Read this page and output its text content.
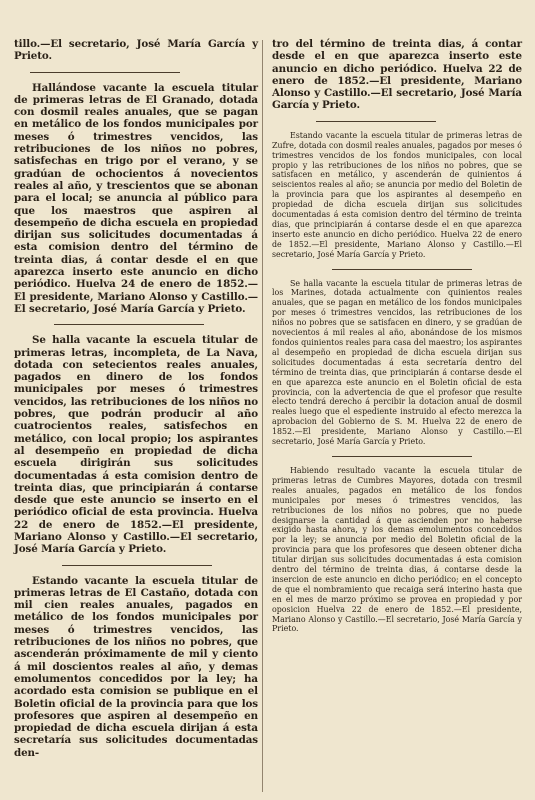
tillo.—El secretario, José María García y Prieto.

Hallándose vacante la escuela titular de primeras letras de El Granado, dotada con dosmil reales anuales, que se pagan en metálico de los fondos municipales por meses ó trimestres vencidos, las retribuciones de los niños no pobres, satisfechas en trigo por el verano, y se gradúan de ochocientos á novecientos reales al año, y trescientos que se abonan para el local; se anuncia al público para que los maestros que aspiren al desempeño de dicha escuela en propiedad dirijan sus solicitudes documentadas á esta comision dentro del término de treinta dias, á contar desde el en que aparezca inserto este anuncio en dicho periódico. Huelva 24 de enero de 1852.—El presidente, Mariano Alonso y Castillo.—El secretario, José María García y Prieto.

Se halla vacante la escuela titular de primeras letras, incompleta, de La Nava, dotada con setecientos reales anuales, pagados en dinero de los fondos municipales por meses ó trimestres vencidos, las retribuciones de los niños no pobres, que podrán producir al año cuatrocientos reales, satisfechos en metálico, con local propio; los aspirantes al desempeño en propiedad de dicha escuela dirigirán sus solicitudes documentadas á esta comision dentro de treinta dias, que principiarán á contarse desde que este anuncio se inserto en el periódico oficial de esta provincia. Huelva 22 de enero de 1852.—El presidente, Mariano Alonso y Castillo.—El secretario, José María García y Prieto.

Estando vacante la escuela titular de primeras letras de El Castaño, dotada con mil cien reales anuales, pagados en metálico de los fondos municipales por meses ó trimestres vencidos, las retribuciones de los niños no pobres, que ascenderán próximamente de mil y ciento á mil doscientos reales al año, y demas emolumentos concedidos por la ley; ha acordado esta comision se publique en el Boletin oficial de la provincia para que los profesores que aspiren al desempeño en propiedad de dicha escuela dirijan á esta secretaría sus solicitudes documentadas den-

tro del término de treinta dias, á contar desde el en que aparezca inserto este anuncio en dicho periódico. Huelva 22 de enero de 1852.—El presidente, Mariano Alonso y Castillo.—El secretario, José María García y Prieto.

Estando vacante la escuela titular de primeras letras de Zufre, dotada con dosmil reales anuales, pagados por meses ó trimestres vencidos de los fondos municipales, con local propio y las retribuciones de los niños no pobres, que se satisfacen en metálico, y ascenderán de quinientos á seiscientos reales al año; se anuncia por medio del Boletin de la provincia para que los aspirantes al desempeño en propiedad de dicha escuela dirijan sus solicitudes documentadas á esta comision dentro del término de treinta dias, que principiarán á contarse desde el en que aparezca inserto este anuncio en dicho periódico. Huelva 22 de enero de 1852.—El presidente, Mariano Alonso y Castillo.—El secretario, José María García y Prieto.

Se halla vacante la escuela titular de primeras letras de los Marines, dotada actualmente con quinientos reales anuales, que se pagan en metálico de los fondos municipales por meses ó trimestres vencidos, las retribuciones de los niños no pobres que se satisfacen en dinero, y se gradúan de novecientos á mil reales al año, abonándose de los mismos fondos quinientos reales para casa del maestro; los aspirantes al desempeño en propiedad de dicha escuela dirijan sus solicitudes documentadas á esta secretaría dentro del término de treinta dias, que principiarán á contarse desde el en que aparezca este anuncio en el Boletin oficial de esta provincia, con la advertencia de que el profesor que resulte electo tendrá derecho á percibir la dotacion anual de dosmil reales luego que el espediente instruido al efecto merezca la aprobacion del Gobierno de S. M. Huelva 22 de enero de 1852.—El presidente, Mariano Alonso y Castillo.—El secretario, José María García y Prieto.

Habiendo resultado vacante la escuela titular de primeras letras de Cumbres Mayores, dotada con tresmil reales anuales, pagados en metálico de los fondos municipales por meses ó trimestres vencidos, las retribuciones de los niños no pobres, que no puede designarse la cantidad á que ascienden por no haberse exigido hasta ahora, y los demas emolumentos concedidos por la ley; se anuncia por medio del Boletin oficial de la provincia para que los profesores que deseen obtener dicha titular dirijan sus solicitudes documentadas á esta comision dentro del término de treinta dias, á contarse desde la insercion de este anuncio en dicho periódico; en el concepto de que el nombramiento que recaiga será interino hasta que en el mes de marzo próximo se provea en propiedad y por oposicion Huelva 22 de enero de 1852.—El presidente, Mariano Alonso y Castillo.—El secretario, José María García y Prieto.
